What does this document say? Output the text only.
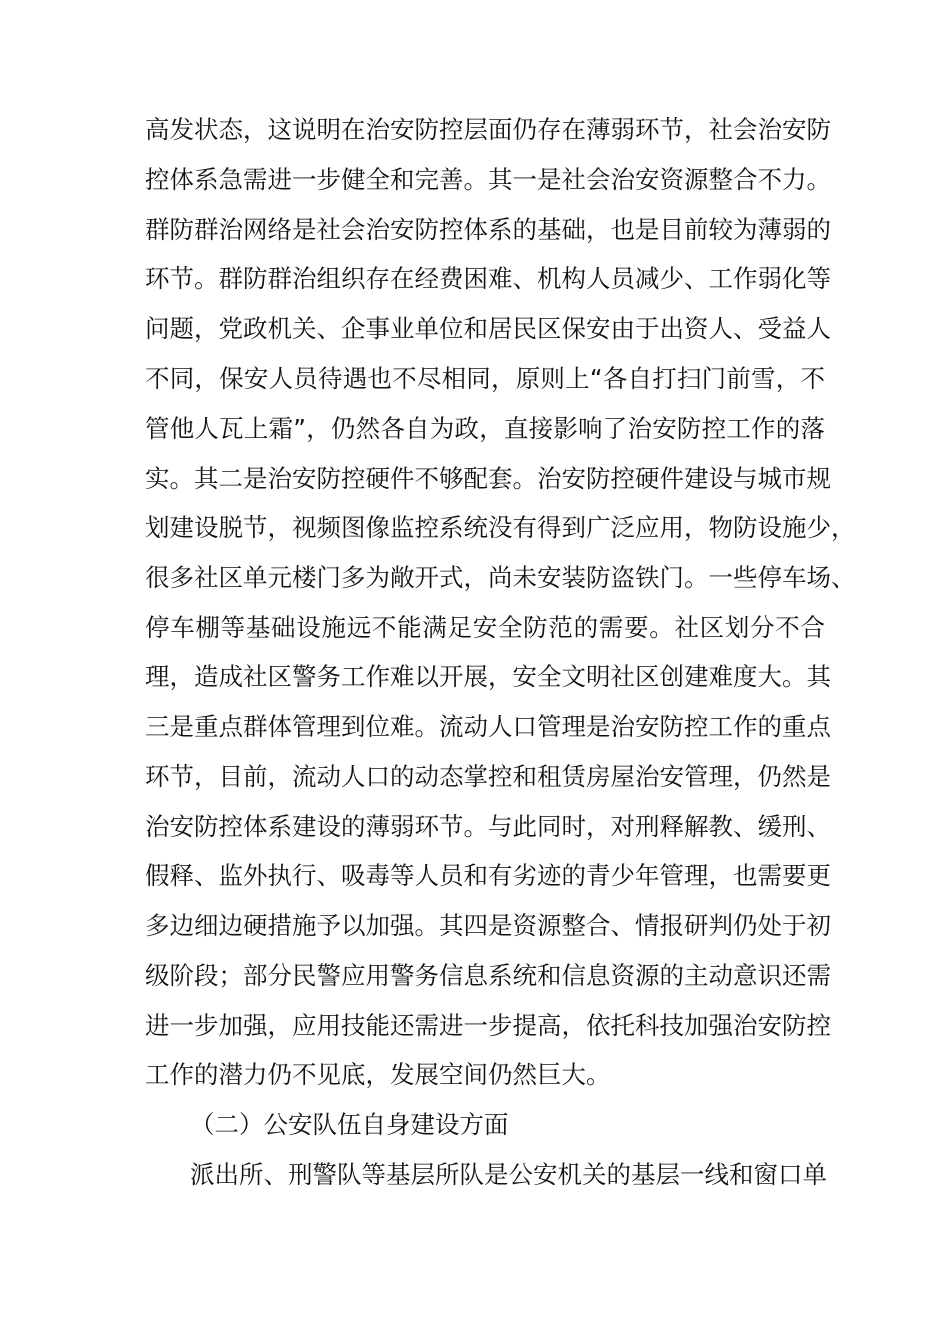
高发状态，这说明在治安防控层面仍存在薄弱环节，社会治安防
控体系急需进一步健全和完善。其一是社会治安资源整合不力。
群防群治网络是社会治安防控体系的基础，也是目前较为薄弱的
环节。群防群治组织存在经费困难、机构人员减少、工作弱化等
问题，党政机关、企事业单位和居民区保安由于出资人、受益人
不同，保安人员待遇也不尽相同，原则上“各自打扫门前雪，不
管他人瓦上霜”，仍然各自为政，直接影响了治安防控工作的落
实。其二是治安防控硬件不够配套。治安防控硬件建设与城市规
划建设脱节，视频图像监控系统没有得到广泛应用，物防设施少，
很多社区单元楼门多为敞开式，尚未安装防盗铁门。一些停车场、
停车棚等基础设施远不能满足安全防范的需要。社区划分不合
理，造成社区警务工作难以开展，安全文明社区创建难度大。其
三是重点群体管理到位难。流动人口管理是治安防控工作的重点
环节，目前，流动人口的动态掌控和租赁房屋治安管理，仍然是
治安防控体系建设的薄弱环节。与此同时，对刑释解教、缓刑、
假释、监外执行、吸毒等人员和有劣迹的青少年管理，也需要更
多边细边硬措施予以加强。其四是资源整合、情报研判仍处于初
级阶段；部分民警应用警务信息系统和信息资源的主动意识还需
进一步加强，应用技能还需进一步提高，依托科技加强治安防控
工作的潜力仍不见底，发展空间仍然巨大。
（二）公安队伍自身建设方面
派出所、刑警队等基层所队是公安机关的基层一线和窗口单
